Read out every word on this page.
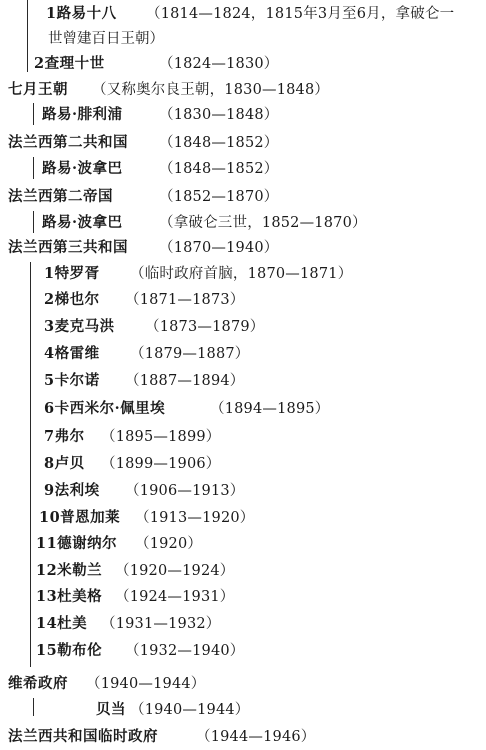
1路易十八 （1814—1824，1815年3月至6月，拿破仑一
世曾建百日王朝）
2查理十世	（1824—1830）
七月王朝 （又称奥尔良王朝，1830—1848）
路易·腓利浦	（1830—1848）
法兰西第二共和国 （1848—1852）
路易·波拿巴	（1848—1852）
法兰西第二帝国	（1852—1870）
路易·波拿巴	（拿破仑三世，1852—1870）
法兰西第三共和国 （1870—1940）
1特罗胥 （临时政府首脑，1870—1871）
2梯也尔 （1871—1873）
3麦克马洪 （1873—1879）
4格雷维 （1879—1887）
5卡尔诺 （1887—1894）
6卡西米尔·佩里埃	（1894—1895）
7弗尔 （1895—1899）
8卢贝 （1899—1906）
9法利埃 （1906—1913）
10普恩加莱 （1913—1920）
11德谢纳尔 （1920）
12米勒兰 （1920—1924）
13杜美格 （1924—1931）
14杜美 （1931—1932）
15勒布伦 （1932—1940）
维希政府 （1940—1944）
贝当 （1940—1944）
法兰西共和国临时政府	（1944—1946）
